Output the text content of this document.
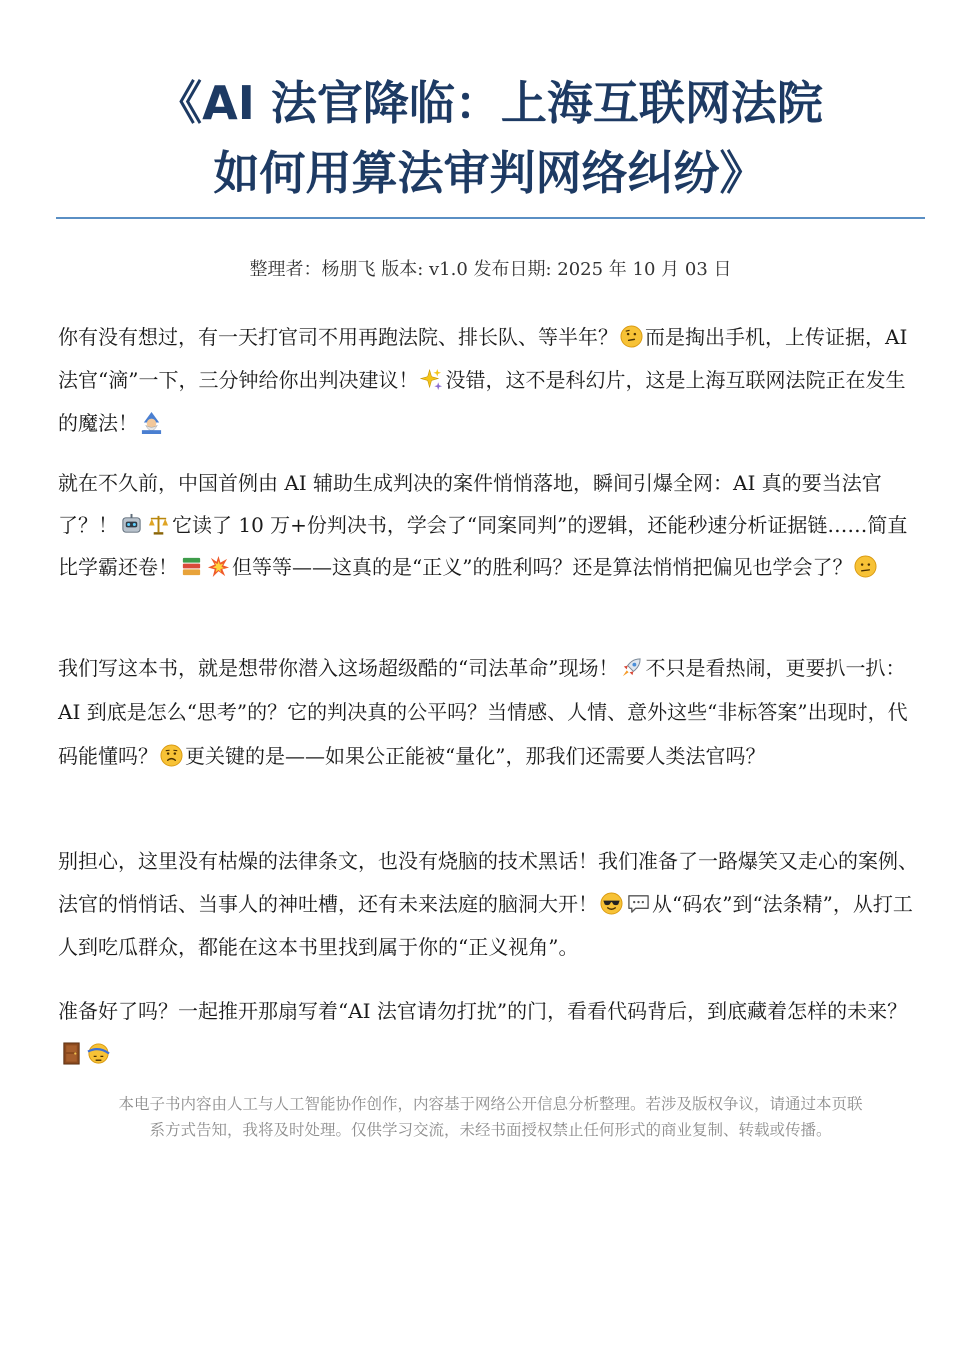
《AI 法官降临：上海互联网法院
如何用算法审判网络纠纷》
整理者：杨朋飞 版本: v1.0 发布日期: 2025 年 10 月 03 日

你有没有想过，有一天打官司不用再跑法院、排长队、等半年？ 而是掏出手机，上传证据，AI 法官“滴”一下，三分钟给你出判决建议！ 没错，这不是科幻片，这是上海互联网法院正在发生的魔法！

就在不久前，中国首例由 AI 辅助生成判决的案件悄悄落地，瞬间引爆全网：AI 真的要当法官了？！	它读了 10 万+份判决书，学会了“同案同判”的逻辑，还能秒速分析证据链……简直比学霸还卷！	但等等——这真的是“正义”的胜利吗？还是算法悄悄把偏见也学会了？

我们写这本书，就是想带你潜入这场超级酷的“司法革命”现场！ 不只是看热闹，更要扒一扒：AI 到底是怎么“思考”的？它的判决真的公平吗？当情感、人情、意外这些“非标答案”出现时，代码能懂吗？ 更关键的是——如果公正能被“量化”，那我们还需要人类法官吗？

别担心，这里没有枯燥的法律条文，也没有烧脑的技术黑话！我们准备了一路爆笑又走心的案例、法官的悄悄话、当事人的神吐槽，还有未来法庭的脑洞大开！	从“码农”到“法条精”，从打工人到吃瓜群众，都能在这本书里找到属于你的“正义视角”。

准备好了吗？一起推开那扇写着“AI 法官请勿打扰”的门，看看代码背后，到底藏着怎样的未来？

本电子书内容由人工与人工智能协作创作，内容基于网络公开信息分析整理。若涉及版权争议，请通过本页联
系方式告知，我将及时处理。仅供学习交流，未经书面授权禁止任何形式的商业复制、转载或传播。
